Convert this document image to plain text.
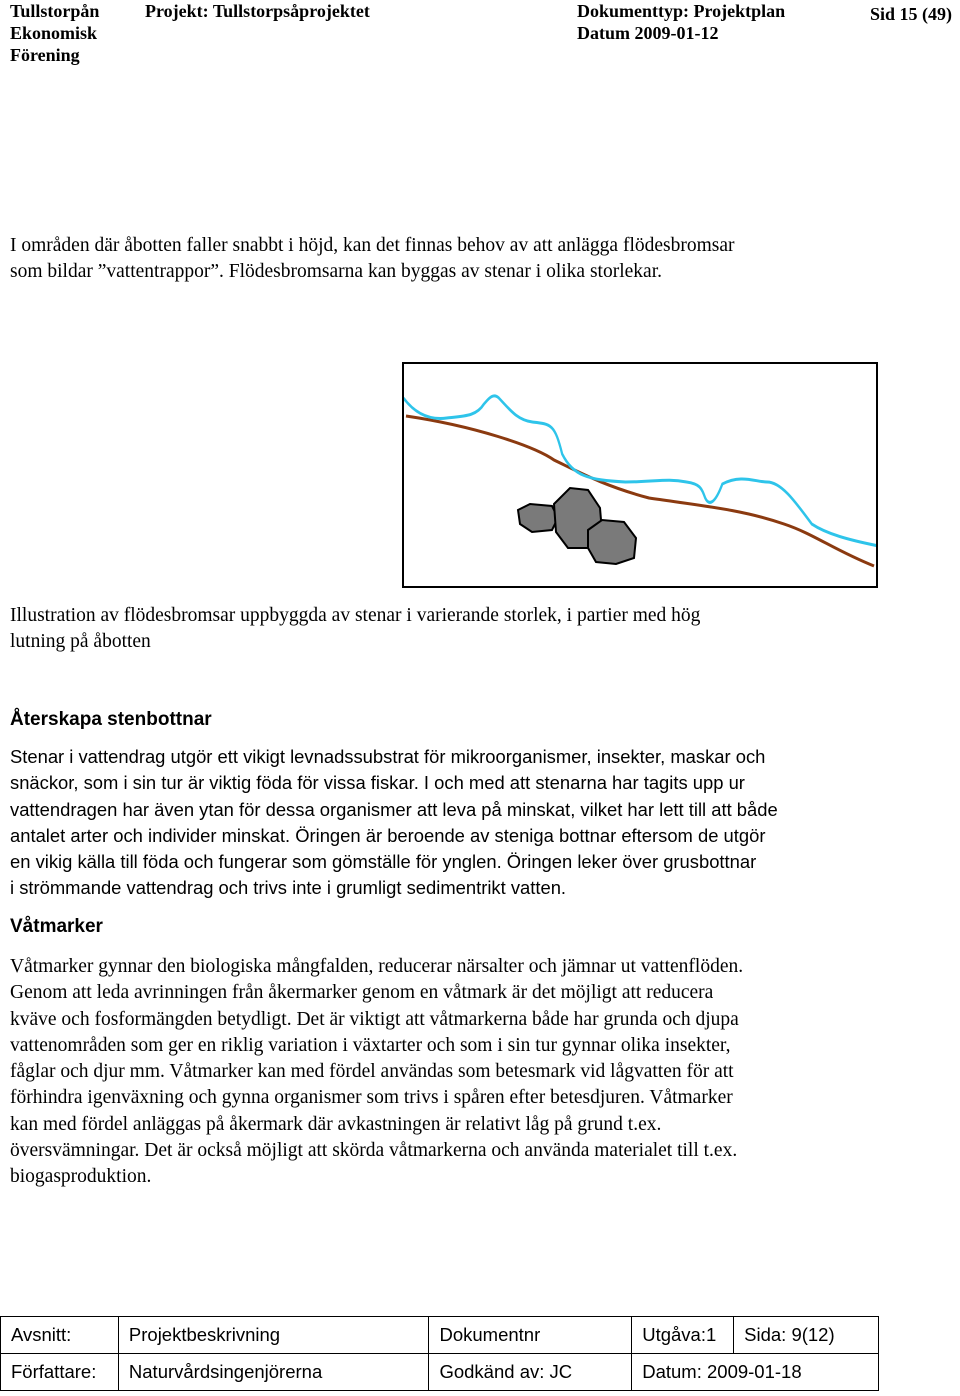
Tullstorpån
Ekonomisk
Förening
Projekt: Tullstorpsåprojektet	Dokumenttyp: Projektplan
Datum 2009-01-12
Sid 15 (49)
I områden där åbotten faller snabbt i höjd, kan det finnas behov av att anlägga flödesbromsar
som bildar ”vattentrappor”. Flödesbromsarna kan byggas av stenar i olika storlekar.
Illustration av flödesbromsar uppbyggda av stenar i varierande storlek, i partier med hög
lutning på åbotten
Återskapa stenbottnar
Stenar i vattendrag utgör ett vikigt levnadssubstrat för mikroorganismer, insekter, maskar och
snäckor, som i sin tur är viktig föda för vissa fiskar. I och med att stenarna har tagits upp ur
vattendragen har även ytan för dessa organismer att leva på minskat, vilket har lett till att både
antalet arter och individer minskat. Öringen är beroende av steniga bottnar eftersom de utgör
en vikig källa till föda och fungerar som gömställe för ynglen. Öringen leker över grusbottnar
i strömmande vattendrag och trivs inte i grumligt sedimentrikt vatten.
Våtmarker
Våtmarker gynnar den biologiska mångfalden, reducerar närsalter och jämnar ut vattenflöden.
Genom att leda avrinningen från åkermarker genom en våtmark är det möjligt att reducera
kväve och fosformängden betydligt. Det är viktigt att våtmarkerna både har grunda och djupa
vattenområden som ger en riklig variation i växtarter och som i sin tur gynnar olika insekter,
fåglar och djur mm. Våtmarker kan med fördel användas som betesmark vid lågvatten för att
förhindra igenväxning och gynna organismer som trivs i spåren efter betesdjuren. Våtmarker
kan med fördel anläggas på åkermark där avkastningen är relativt låg på grund t.ex.
översvämningar. Det är också möjligt att skörda våtmarkerna och använda materialet till t.ex.
biogasproduktion.
Avsnitt:	Projektbeskrivning	Dokumentnr	Utgåva:1	Sida: 9(12)
Författare:	Naturvårdsingenjörerna	Godkänd av: JC	Datum: 2009-01-18	
